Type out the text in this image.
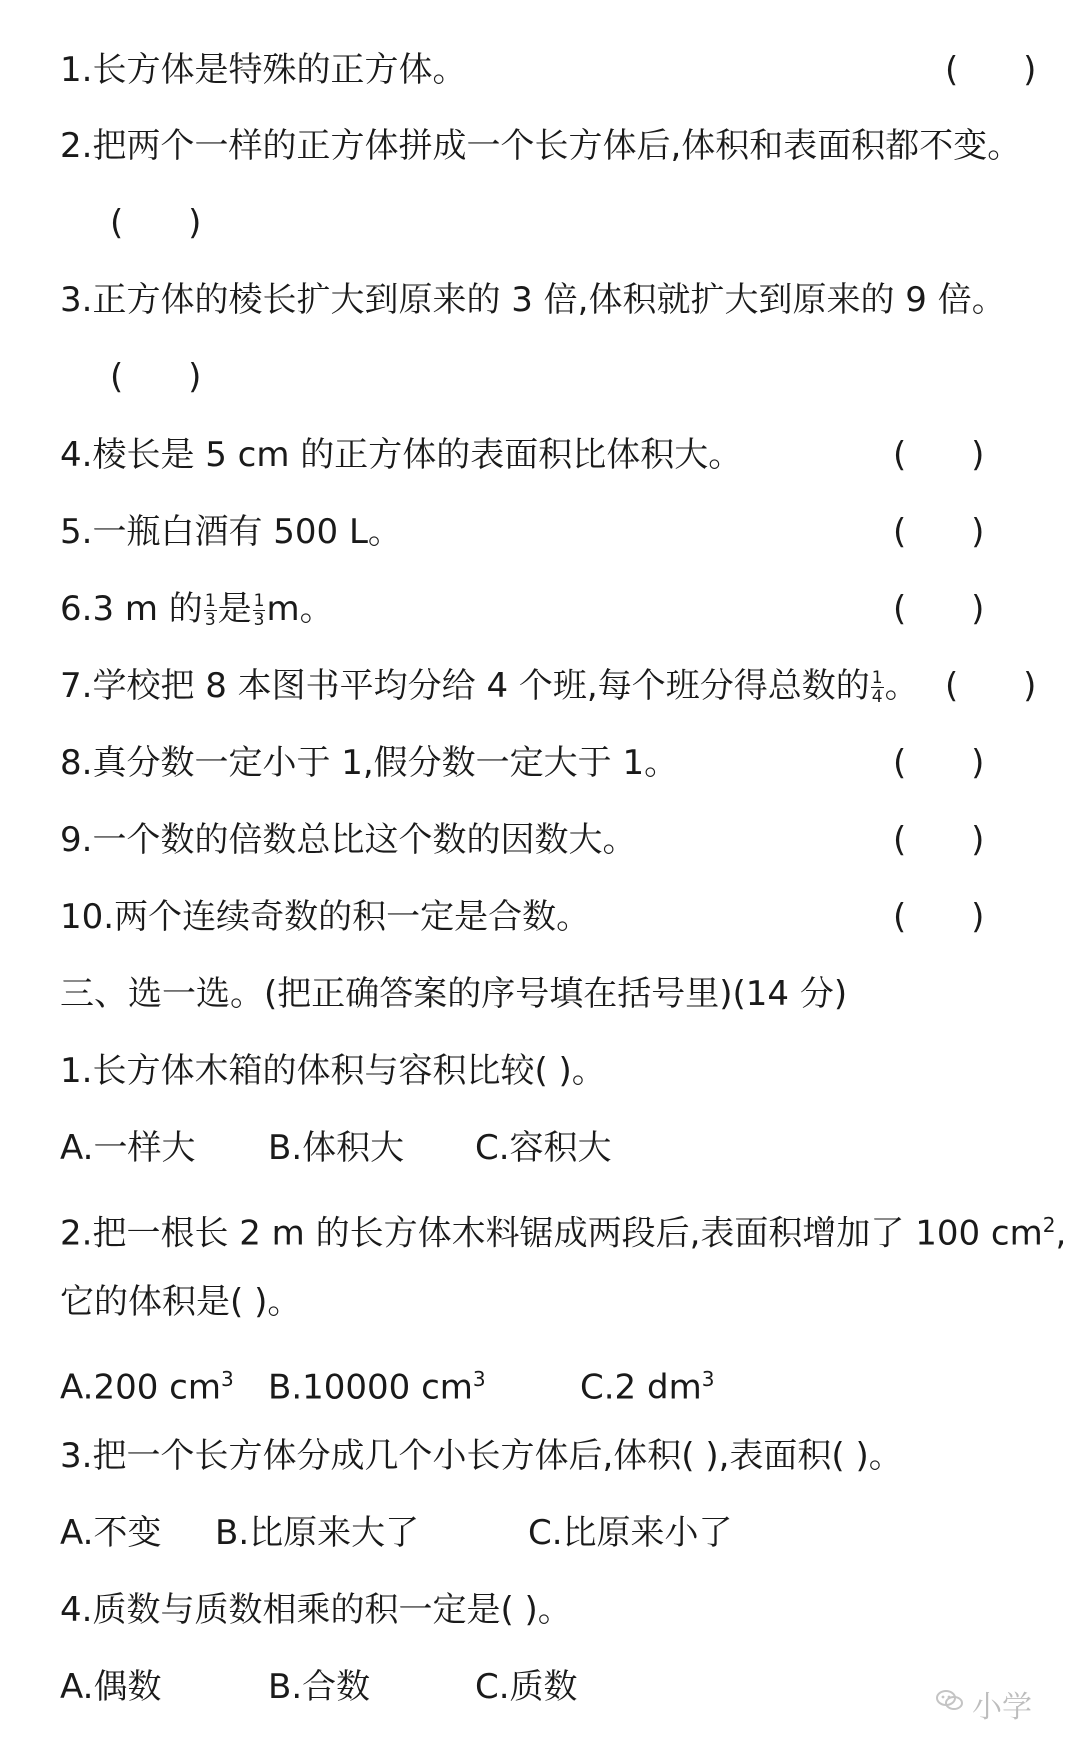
1.长方体是特殊的正方体。	(      )
2.把两个一样的正方体拼成一个长方体后,体积和表面积都不变。
(      )
3.正方体的棱长扩大到原来的 3 倍,体积就扩大到原来的 9 倍。
(      )
4.棱长是 5 cm 的正方体的表面积比体积大。	(      )
5.一瓶白酒有 500 L。	(      )
6.3 m 的 $\frac{1}{3}$ 是 $\frac{1}{3}$ m。	(      )
7.学校把 8 本图书平均分给 4 个班,每个班分得总数的 $\frac{1}{4}$ 。 (      )
8.真分数一定小于 1,假分数一定大于 1。	(      )
9.一个数的倍数总比这个数的因数大。	(      )
10.两个连续奇数的积一定是合数。	(      )
三、选一选。(把正确答案的序号填在括号里)(14 分)
1.长方体木箱的体积与容积比较( )。
A.一样大 B.体积大 C.容积大
2.把一根长 2 m 的长方体木料锯成两段后,表面积增加了 100 $cm^2$,
它的体积是( )。
A.200 $cm^3$ B.10000 $cm^3$	C.2 $dm^3$
3.把一个长方体分成几个小长方体后,体积( ),表面积( )。
A.不变 B.比原来大了	C.比原来小了
4.质数与质数相乘的积一定是( )。
A.偶数	B.合数	C.质数
小学
